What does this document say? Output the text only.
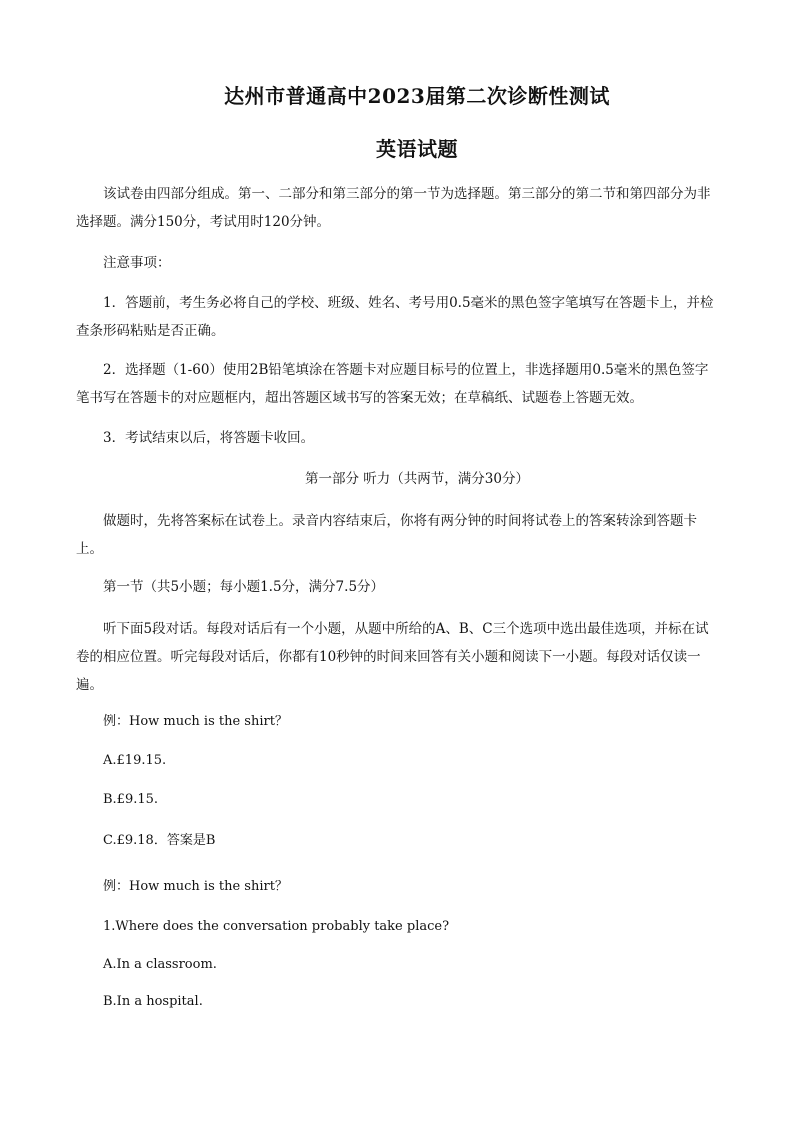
达州市普通高中2023届第二次诊断性测试
英语试题

该试卷由四部分组成。第一、二部分和第三部分的第一节为选择题。第三部分的第二节和第四部分为非选择题。满分150分，考试用时120分钟。

注意事项：

1．答题前，考生务必将自己的学校、班级、姓名、考号用0.5毫米的黑色签字笔填写在答题卡上，并检查条形码粘贴是否正确。

2．选择题（1-60）使用2B铅笔填涂在答题卡对应题目标号的位置上，非选择题用0.5毫米的黑色签字笔书写在答题卡的对应题框内，超出答题区域书写的答案无效；在草稿纸、试题卷上答题无效。

3．考试结束以后，将答题卡收回。

第一部分 听力（共两节，满分30分）

做题时，先将答案标在试卷上。录音内容结束后，你将有两分钟的时间将试卷上的答案转涂到答题卡上。

第一节（共5小题；每小题1.5分，满分7.5分）

听下面5段对话。每段对话后有一个小题，从题中所给的A、B、C三个选项中选出最佳选项，并标在试卷的相应位置。听完每段对话后，你都有10秒钟的时间来回答有关小题和阅读下一小题。每段对话仅读一遍。

例：How much is the shirt？
A.£19.15.
B.£9.15.
C.£9.18．答案是B
例：How much is the shirt？
1.Where does the conversation probably take place?
A.In a classroom.
B.In a hospital.
